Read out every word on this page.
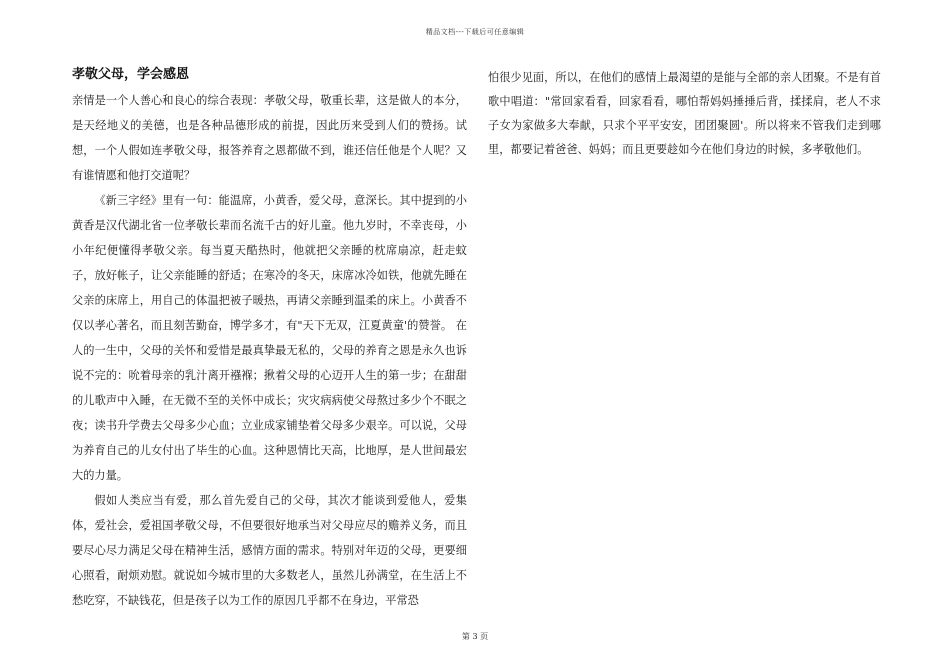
精品文档---下载后可任意编辑
孝敬父母，学会感恩

亲情是一个人善心和良心的综合表现：孝敬父母，敬重长辈，这是做人的本分，是天经地义的美德，也是各种品德形成的前提，因此历来受到人们的赞扬。试想，一个人假如连孝敬父母，报答养育之恩都做不到，谁还信任他是个人呢？又有谁情愿和他打交道呢？

《新三字经》里有一句：能温席，小黄香，爱父母，意深长。其中提到的小黄香是汉代湖北省一位孝敬长辈而名流千古的好儿童。他九岁时，不幸丧母，小小年纪便懂得孝敬父亲。每当夏天酷热时，他就把父亲睡的枕席扇凉，赶走蚊子，放好帐子，让父亲能睡的舒适；在寒冷的冬天，床席冰冷如铁，他就先睡在父亲的床席上，用自己的体温把被子暖热，再请父亲睡到温柔的床上。小黄香不仅以孝心著名，而且刻苦勤奋，博学多才，有"天下无双，江夏黄童'的赞誉。 在人的一生中，父母的关怀和爱惜是最真挚最无私的，父母的养育之恩是永久也诉说不完的：吮着母亲的乳汁离开襁褓；揪着父母的心迈开人生的第一步；在甜甜的儿歌声中入睡，在无微不至的关怀中成长；灾灾病病使父母熬过多少个不眠之夜；读书升学费去父母多少心血；立业成家铺垫着父母多少艰辛。可以说，父母为养育自己的儿女付出了毕生的心血。这种恩情比天高，比地厚，是人世间最宏大的力量。

假如人类应当有爱，那么首先爱自己的父母，其次才能谈到爱他人，爱集体，爱社会，爱祖国孝敬父母，不但要很好地承当对父母应尽的赡养义务，而且要尽心尽力满足父母在精神生活，感情方面的需求。特别对年迈的父母，更要细心照看，耐烦劝慰。就说如今城市里的大多数老人，虽然儿孙满堂，在生活上不愁吃穿，不缺钱花，但是孩子以为工作的原因几乎都不在身边，平常恐

怕很少见面，所以，在他们的感情上最渴望的是能与全部的亲人团聚。不是有首歌中唱道："常回家看看，回家看看，哪怕帮妈妈捶捶后背，揉揉肩，老人不求子女为家做多大奉献，只求个平平安安，团团聚圆'。所以将来不管我们走到哪里，都要记着爸爸、妈妈；而且更要趁如今在他们身边的时候，多孝敬他们。

第 3 页
